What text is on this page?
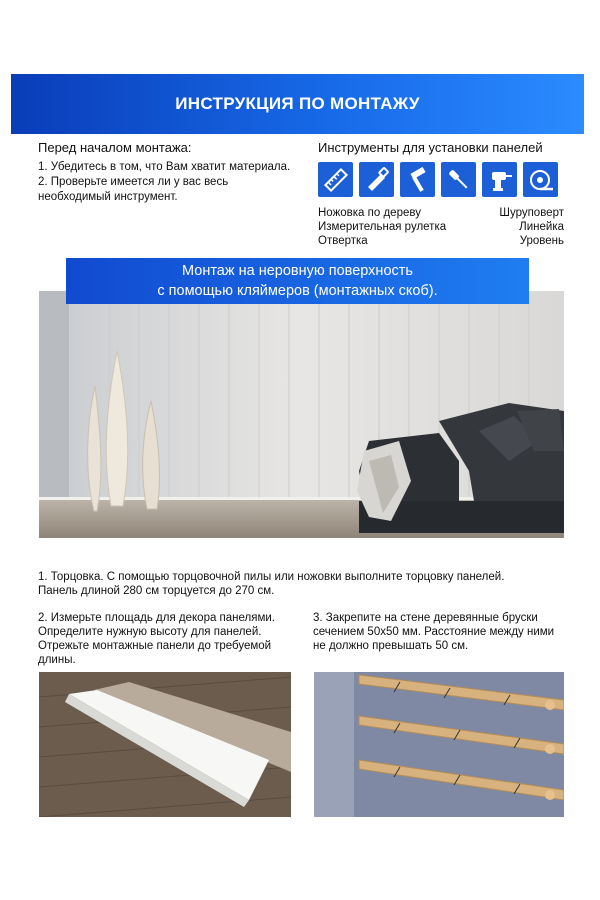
ИНСТРУКЦИЯ ПО МОНТАЖУ
Перед началом монтажа:
1. Убедитесь в том, что Вам хватит материала.
2. Проверьте имеется ли у вас весь
необходимый инструмент.
Инструменты для установки панелей
Ножовка по дереву
Измерительная рулетка
Отвертка
Шуруповерт
Линейка
Уровень
Монтаж на неровную поверхность
с помощью кляймеров (монтажных скоб).
1. Торцовка. С помощью торцовочной пилы или ножовки выполните торцовку панелей.
Панель длиной 280 см торцуется до 270 см.
2. Измерьте площадь для декора панелями.
Определите нужную высоту для панелей.
Отрежьте монтажные панели до требуемой
длины.
3. Закрепите на стене деревянные бруски
сечением 50х50 мм. Расстояние между ними
не должно превышать 50 см.
